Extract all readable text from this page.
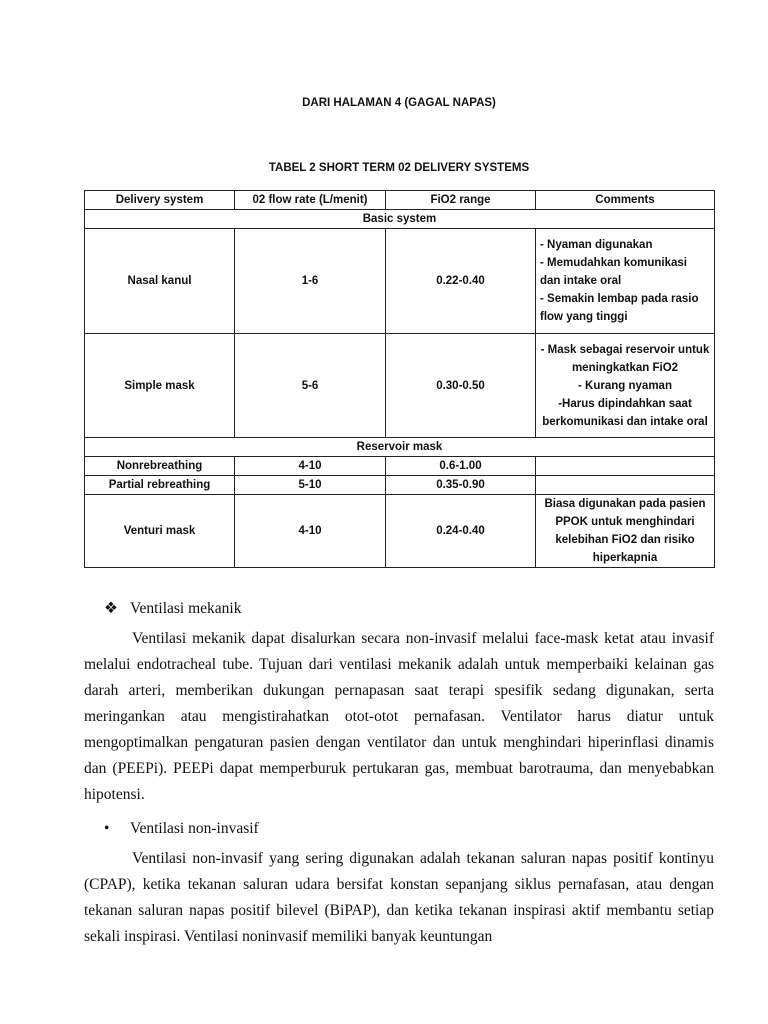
DARI HALAMAN 4 (GAGAL NAPAS)
TABEL 2 SHORT TERM 02 DELIVERY SYSTEMS
Delivery system	02 flow rate (L/menit)	FiO2 range	Comments
Basic system			
Nasal kanul	1-6	0.22-0.40	- Nyaman digunakan
- Memudahkan komunikasi dan intake oral
- Semakin lembap pada rasio flow yang tinggi

Simple mask	5-6	0.30-0.50	- Mask sebagai reservoir untuk meningkatkan FiO2
- Kurang nyaman
-Harus dipindahkan saat berkomunikasi dan intake oral

Reservoir mask			
Nonrebreathing	4-10	0.6-1.00	
Partial rebreathing	5-10	0.35-0.90	
Venturi mask	4-10	0.24-0.40	Biasa digunakan pada pasien PPOK untuk menghindari kelebihan FiO2 dan risiko hiperkapnia
❖ Ventilasi mekanik

Ventilasi mekanik dapat disalurkan secara non-invasif melalui face-mask ketat atau invasif melalui endotracheal tube. Tujuan dari ventilasi mekanik adalah untuk memperbaiki kelainan gas darah arteri, memberikan dukungan pernapasan saat terapi spesifik sedang digunakan, serta meringankan atau mengistirahatkan otot-otot pernafasan. Ventilator harus diatur untuk mengoptimalkan pengaturan pasien dengan ventilator dan untuk menghindari hiperinflasi dinamis dan (PEEPi). PEEPi dapat memperburuk pertukaran gas, membuat barotrauma, dan menyebabkan hipotensi.

• Ventilasi non-invasif

Ventilasi non-invasif yang sering digunakan adalah tekanan saluran napas positif kontinyu (CPAP), ketika tekanan saluran udara bersifat konstan sepanjang siklus pernafasan, atau dengan tekanan saluran napas positif bilevel (BiPAP), dan ketika tekanan inspirasi aktif membantu setiap sekali inspirasi. Ventilasi noninvasif memiliki banyak keuntungan
